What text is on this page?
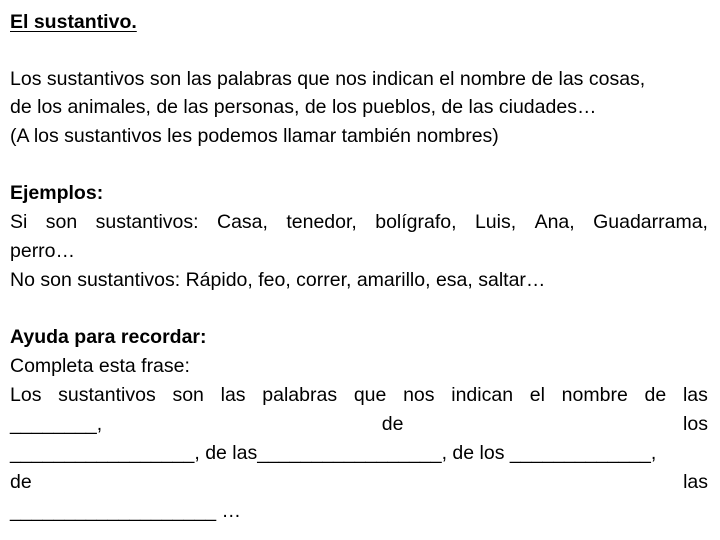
El sustantivo.
Los sustantivos son las palabras que nos indican el nombre de las cosas,
de los animales, de las personas, de los pueblos, de las ciudades…
(A los sustantivos les podemos llamar también nombres)
Ejemplos:
Si son sustantivos: Casa, tenedor, bolígrafo, Luis, Ana, Guadarrama,
perro…
No son sustantivos: Rápido, feo, correr, amarillo, esa, saltar…
Ayuda para recordar:
Completa esta frase:
Los sustantivos son las palabras que nos indican el nombre de las
________,	de	los
_________________, de las_________________, de los _____________,
de	las
___________________ …
